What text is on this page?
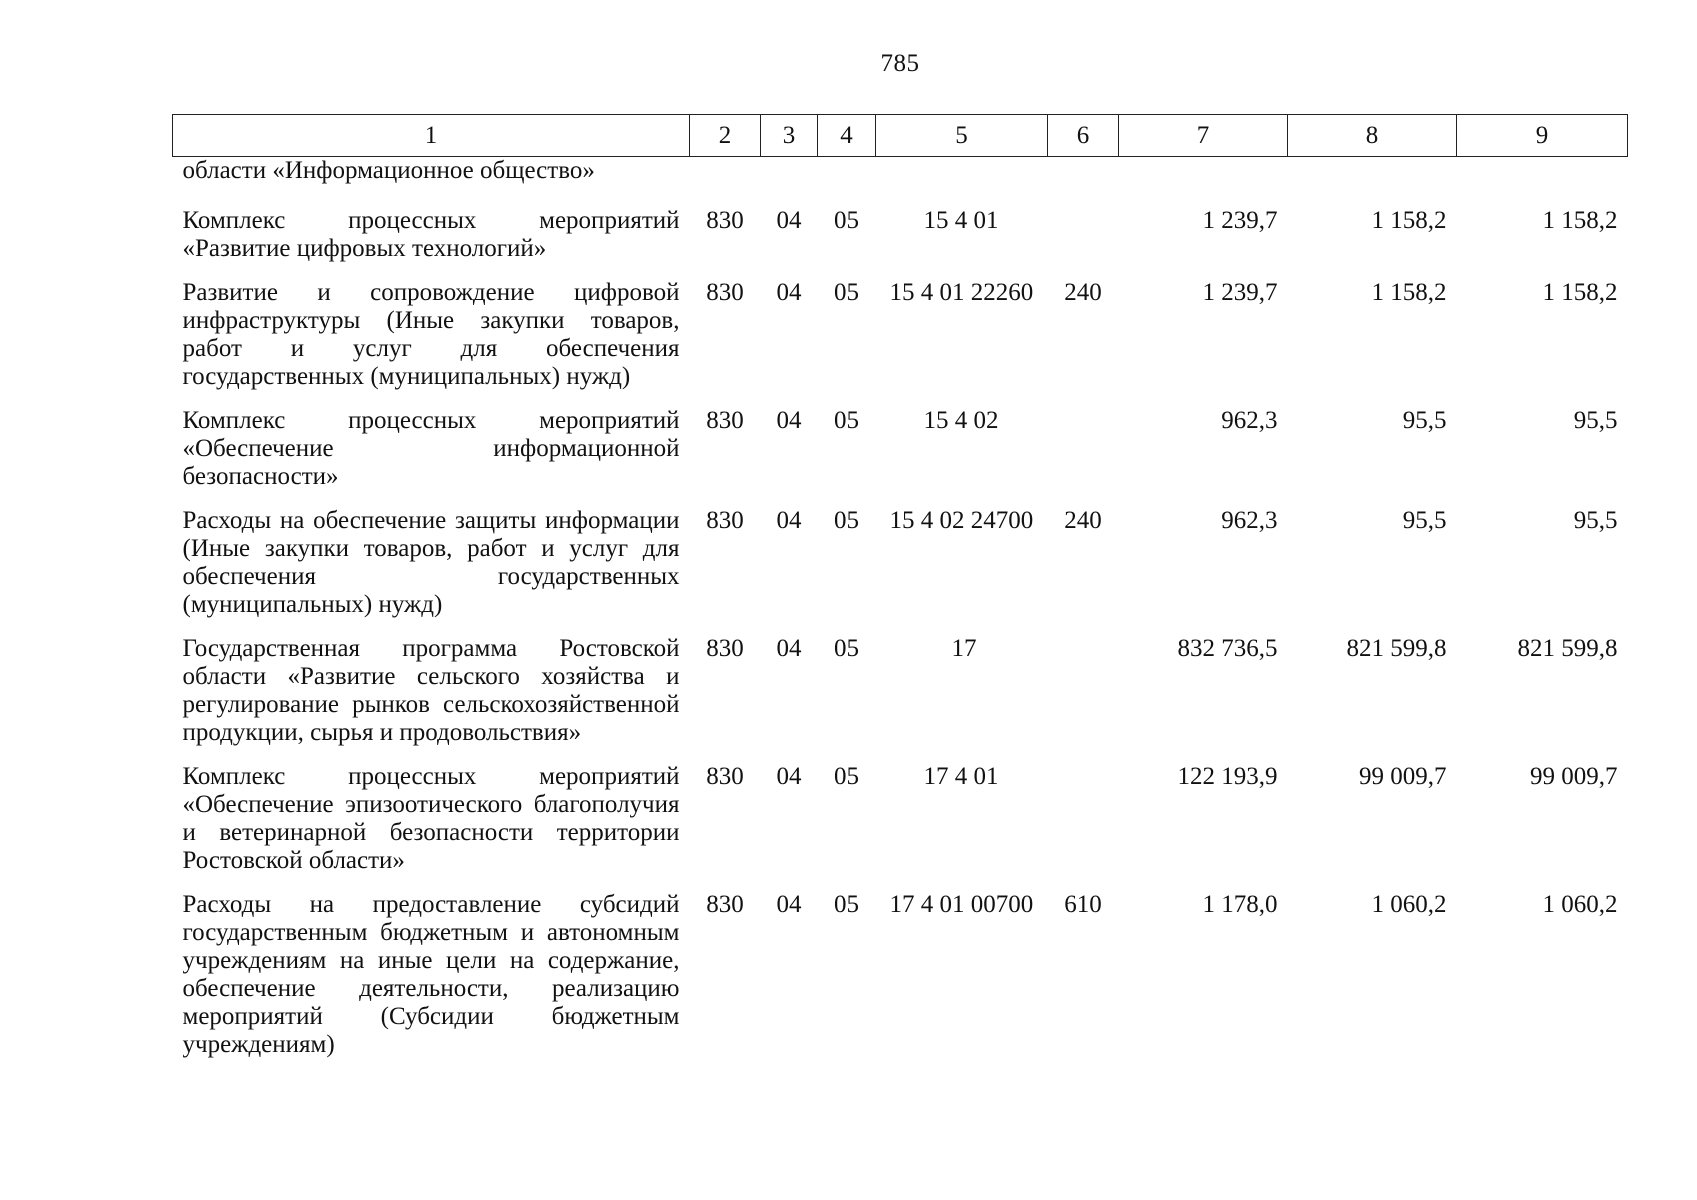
785
1	2	3	4	5	6	7	8	9
области «Информационное общество»								
Комплекс процессных мероприятий «Развитие цифровых технологий»	830	04	05	15 4 01		1 239,7	1 158,2	1 158,2
Развитие и сопровождение цифровой инфраструктуры (Иные закупки товаров, работ и услуг для обеспечения государственных (муниципальных) нужд)	830	04	05	15 4 01 22260	240	1 239,7	1 158,2	1 158,2
Комплекс процессных мероприятий «Обеспечение информационной безопасности»	830	04	05	15 4 02		962,3	95,5	95,5
Расходы на обеспечение защиты информации (Иные закупки товаров, работ и услуг для обеспечения государственных (муниципальных) нужд)	830	04	05	15 4 02 24700	240	962,3	95,5	95,5
Государственная программа Ростовской области «Развитие сельского хозяйства и регулирование рынков сельскохозяйственной продукции, сырья и продовольствия»	830	04	05	17		832 736,5	821 599,8	821 599,8
Комплекс процессных мероприятий «Обеспечение эпизоотического благополучия и ветеринарной безопасности территории Ростовской области»	830	04	05	17 4 01		122 193,9	99 009,7	99 009,7
Расходы на предоставление субсидий государственным бюджетным и автономным учреждениям на иные цели на содержание, обеспечение деятельности, реализацию мероприятий (Субсидии бюджетным учреждениям)	830	04	05	17 4 01 00700	610	1 178,0	1 060,2	1 060,2
